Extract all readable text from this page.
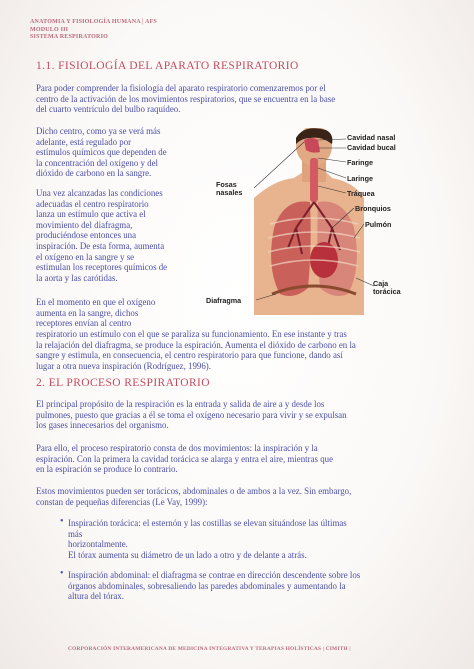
ANATOMIA Y FISIOLOGÍA HUMANA | AFS
MODULO III
SISTEMA RESPIRATORIO
1.1. FISIOLOGÍA DEL APARATO RESPIRATORIO
Para poder comprender la fisiología del aparato respiratorio comenzaremos por el
centro de la activación de los movimientos respiratorios, que se encuentra en la base
del cuarto ventrículo del bulbo raquídeo.
Dicho centro, como ya se verá más
adelante, está regulado por
estímulos químicos que dependen de
la concentración del oxígeno y del
dióxido de carbono en la sangre.
Una vez alcanzadas las condiciones
adecuadas el centro respiratorio
lanza un estímulo que activa el
movimiento del diafragma,
produciéndose entonces una
inspiración. De esta forma, aumenta
el oxígeno en la sangre y se
estimulan los receptores químicos de
la aorta y las carótidas.
En el momento en que el oxígeno
aumenta en la sangre, dichos
receptores envían al centro
respiratorio un estímulo con el que se paraliza su funcionamiento. En ese instante y tras
la relajación del diafragma, se produce la espiración. Aumenta el dióxido de carbono en la
sangre y estimula, en consecuencia, el centro respiratorio para que funcione, dando así
lugar a otra nueva inspiración (Rodríguez, 1996).
Cavidad nasal
Cavidad bucal
Faringe
Laringe
Tráquea
Bronquios
Pulmón
Fosas
nasales
Caja
torácica
Diafragma
2. EL PROCESO RESPIRATORIO
El principal propósito de la respiración es la entrada y salida de aire a y desde los
pulmones, puesto que gracias a él se toma el oxígeno necesario para vivir y se expulsan
los gases innecesarios del organismo.
Para ello, el proceso respiratorio consta de dos movimientos: la inspiración y la
espiración. Con la primera la cavidad torácica se alarga y entra el aire, mientras que
en la espiración se produce lo contrario.
Estos movimientos pueden ser torácicos, abdominales o de ambos a la vez. Sin embargo,
constan de pequeñas diferencias (Le Vay, 1999):
• Inspiración torácica: el esternón y las costillas se elevan situándose las últimas
más
horizontalmente.
El tórax aumenta su diámetro de un lado a otro y de delante a atrás.
• Inspiración abdominal: el diafragma se contrae en dirección descendente sobre los
órganos abdominales, sobresaliendo las paredes abdominales y aumentando la
altura del tórax.
CORPORACIÓN INTERAMERICANA DE MEDICINA INTEGRATIVA Y TERAPIAS HOLÍSTICAS | CIMITH |
